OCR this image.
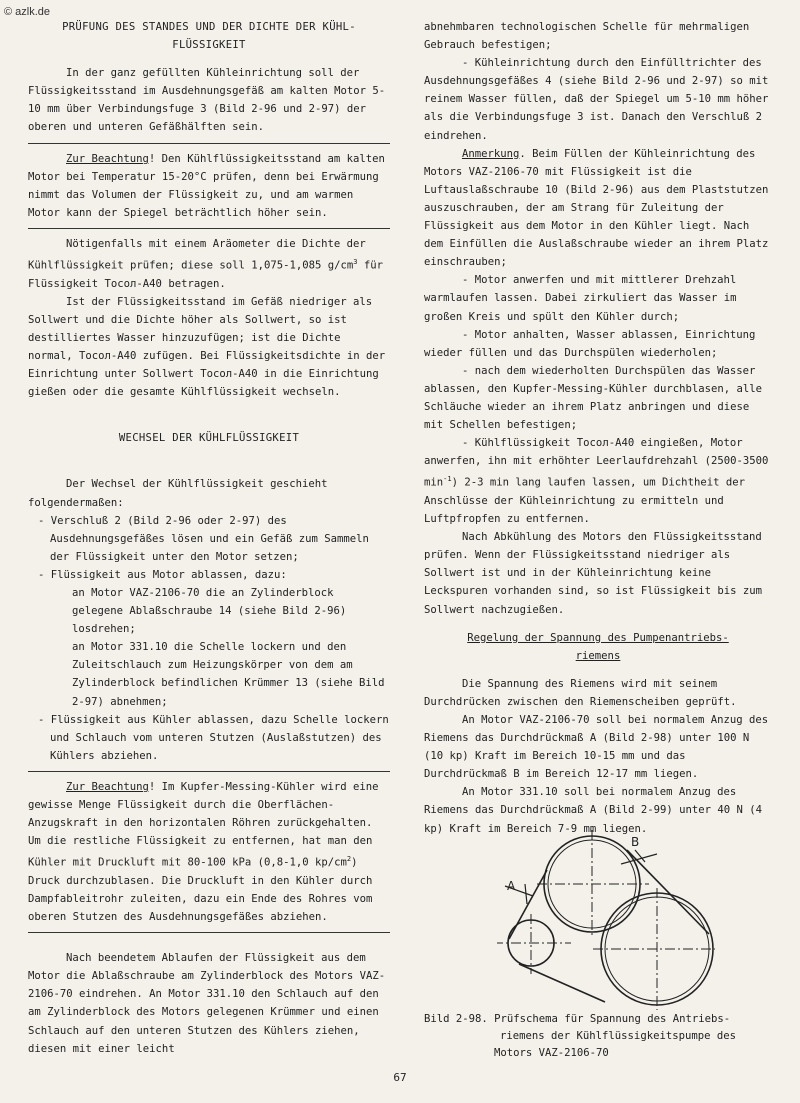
© azlk.de
PRÜFUNG DES STANDES UND DER DICHTE DER KÜHL-
FLÜSSIGKEIT

In der ganz gefüllten Kühleinrichtung soll der Flüssigkeitsstand im Ausdehnungsgefäß am kalten Motor 5-10 mm über Verbindungsfuge 3 (Bild 2-96 und 2-97) der oberen und unteren Gefäßhälften sein.

Zur Beachtung! Den Kühlflüssigkeitsstand am kalten Motor bei Temperatur 15-20°C prüfen, denn bei Erwärmung nimmt das Volumen der Flüssigkeit zu, und am warmen Motor kann der Spiegel beträchtlich höher sein.

Nötigenfalls mit einem Aräometer die Dichte der Kühlflüssigkeit prüfen; diese soll 1,075-1,085 $g/cm^3$ für Flüssigkeit Тосол-А40 betragen.

Ist der Flüssigkeitsstand im Gefäß niedriger als Sollwert und die Dichte höher als Sollwert, so ist destilliertes Wasser hinzuzufügen; ist die Dichte normal, Тосол-А40 zufügen. Bei Flüssigkeitsdichte in der Einrichtung unter Sollwert Тосол-А40 in die Einrichtung gießen oder die gesamte Kühlflüssigkeit wechseln.

WECHSEL DER KÜHLFLÜSSIGKEIT

Der Wechsel der Kühlflüssigkeit geschieht folgendermaßen:

- Verschluß 2 (Bild 2-96 oder 2-97) des Ausdehnungsgefäßes lösen und ein Gefäß zum Sammeln der Flüssigkeit unter den Motor setzen;

- Flüssigkeit aus Motor ablassen, dazu:

an Motor VAZ-2106-70 die an Zylinderblock gelegene Ablaßschraube 14 (siehe Bild 2-96) losdrehen;

an Motor 331.10 die Schelle lockern und den Zuleitschlauch zum Heizungskörper von dem am Zylinderblock befindlichen Krümmer 13 (siehe Bild 2-97) abnehmen;

- Flüssigkeit aus Kühler ablassen, dazu Schelle lockern und Schlauch vom unteren Stutzen (Auslaßstutzen) des Kühlers abziehen.

Zur Beachtung! Im Kupfer-Messing-Kühler wird eine gewisse Menge Flüssigkeit durch die Oberflächen-Anzugskraft in den horizontalen Röhren zurückgehalten. Um die restliche Flüssigkeit zu entfernen, hat man den Kühler mit Druckluft mit 80-100 kPa (0,8-1,0 $kp/cm^2$) Druck durchzublasen. Die Druckluft in den Kühler durch Dampfableitrohr zuleiten, dazu ein Ende des Rohres vom oberen Stutzen des Ausdehnungsgefäßes abziehen.

Nach beendetem Ablaufen der Flüssigkeit aus dem Motor die Ablaßschraube am Zylinderblock des Motors VAZ-2106-70 eindrehen. An Motor 331.10 den Schlauch auf den am Zylinderblock des Motors gelegenen Krümmer und einen Schlauch auf den unteren Stutzen des Kühlers ziehen, diesen mit einer leicht

abnehmbaren technologischen Schelle für mehrmaligen Gebrauch befestigen;

- Kühleinrichtung durch den Einfülltrichter des Ausdehnungsgefäßes 4 (siehe Bild 2-96 und 2-97) so mit reinem Wasser füllen, daß der Spiegel um 5-10 mm höher als die Verbindungsfuge 3 ist. Danach den Verschluß 2 eindrehen.

Anmerkung. Beim Füllen der Kühleinrichtung des Motors VAZ-2106-70 mit Flüssigkeit ist die Luftauslaßschraube 10 (Bild 2-96) aus dem Plaststutzen auszuschrauben, der am Strang für Zuleitung der Flüssigkeit aus dem Motor in den Kühler liegt. Nach dem Einfüllen die Auslaßschraube wieder an ihrem Platz einschrauben;

- Motor anwerfen und mit mittlerer Drehzahl warmlaufen lassen. Dabei zirkuliert das Wasser im großen Kreis und spült den Kühler durch;

- Motor anhalten, Wasser ablassen, Einrichtung wieder füllen und das Durchspülen wiederholen;

- nach dem wiederholten Durchspülen das Wasser ablassen, den Kupfer-Messing-Kühler durchblasen, alle Schläuche wieder an ihrem Platz anbringen und diese mit Schellen befestigen;

- Kühlflüssigkeit Тосол-А40 eingießen, Motor anwerfen, ihn mit erhöhter Leerlaufdrehzahl (2500-3500 $\min^{-1}$) 2-3 min lang laufen lassen, um Dichtheit der Anschlüsse der Kühleinrichtung zu ermitteln und Luftpfropfen zu entfernen.

Nach Abkühlung des Motors den Flüssigkeitsstand prüfen. Wenn der Flüssigkeitsstand niedriger als Sollwert ist und in der Kühleinrichtung keine Leckspuren vorhanden sind, so ist Flüssigkeit bis zum Sollwert nachzugießen.

Regelung der Spannung des Pumpenantriebs-
riemens

Die Spannung des Riemens wird mit seinem Durchdrücken zwischen den Riemenscheiben geprüft.

An Motor VAZ-2106-70 soll bei normalem Anzug des Riemens das Durchdrückmaß A (Bild 2-98) unter 100 N (10 kp) Kraft im Bereich 10-15 mm und das Durchdrückmaß B im Bereich 12-17 mm liegen.

An Motor 331.10 soll bei normalem Anzug des Riemens das Durchdrückmaß A (Bild 2-99) unter 40 N (4 kp) Kraft im Bereich 7-9 mm liegen.

A
B
Bild 2-98. Prüfschema für Spannung des Antriebs-
riemens der Kühlflüssigkeitspumpe des
Motors VAZ-2106-70
67
